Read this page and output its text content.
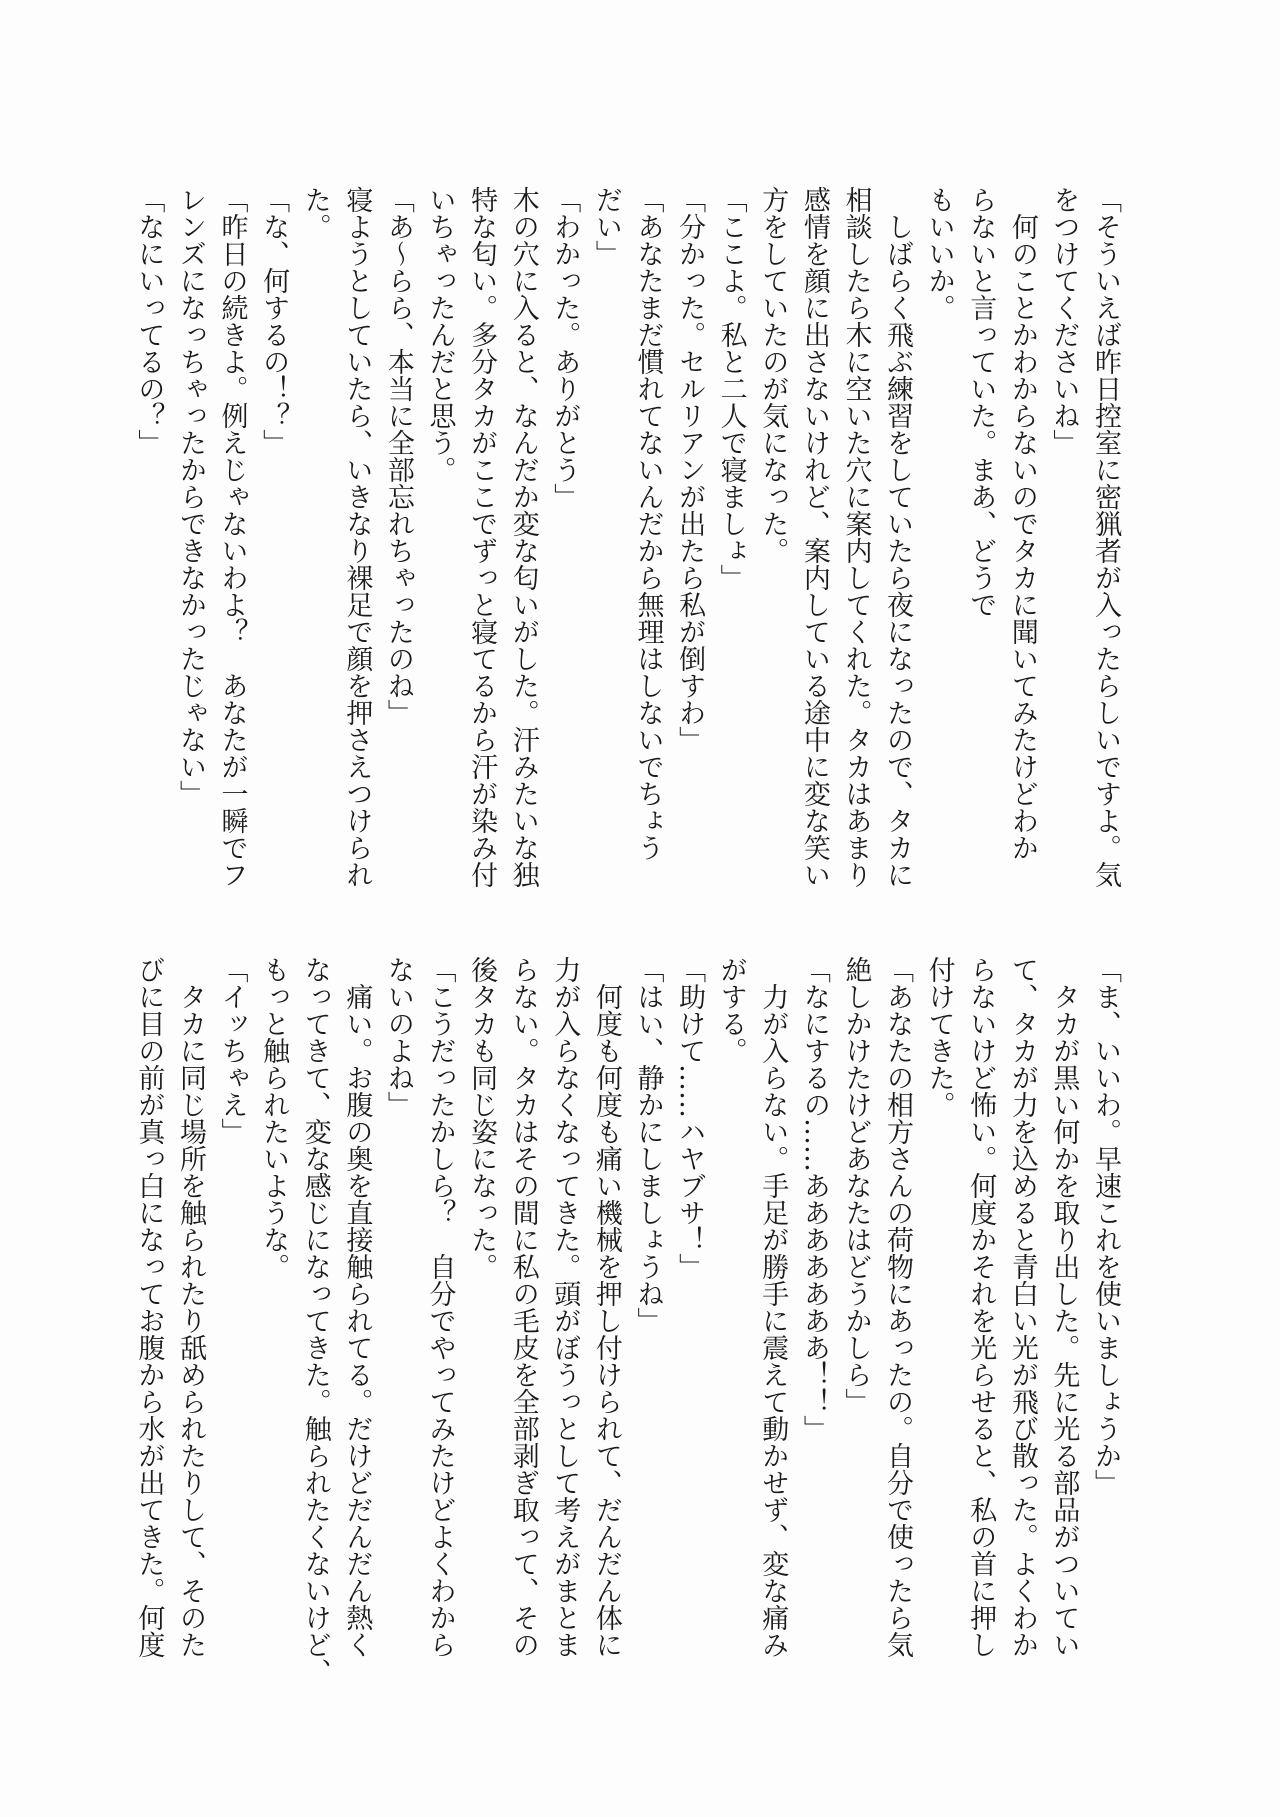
「そういえば昨日控室に密猟者が入ったらしいですよ。気
をつけてくださいね」
　何のことかわからないのでタカに聞いてみたけどわか
らないと言っていた。まあ、どうで
もいいか。
　しばらく飛ぶ練習をしていたら夜になったので、タカに
相談したら木に空いた穴に案内してくれた。タカはあまり
感情を顔に出さないけれど、案内している途中に変な笑い
方をしていたのが気になった。
「ここよ。私と二人で寝ましょ」
「分かった。セルリアンが出たら私が倒すわ」
「あなたまだ慣れてないんだから無理はしないでちょう
だい」
「わかった。ありがとう」
木の穴に入ると、なんだか変な匂いがした。汗みたいな独
特な匂い。多分タカがここでずっと寝てるから汗が染み付
いちゃったんだと思う。
「あ〜らら、本当に全部忘れちゃったのね」
寝ようとしていたら、いきなり裸足で顔を押さえつけられ
た。
「な、何するの！？」
「昨日の続きよ。例えじゃないわよ？　あなたが一瞬でフ
レンズになっちゃったからできなかったじゃない」
「なにいってるの？」
「ま、いいわ。早速これを使いましょうか」
　タカが黒い何かを取り出した。先に光る部品がついてい
て、タカが力を込めると青白い光が飛び散った。よくわか
らないけど怖い。何度かそれを光らせると、私の首に押し
付けてきた。
「あなたの相方さんの荷物にあったの。自分で使ったら気
絶しかけたけどあなたはどうかしら」
「なにするの……あああああああ！！」
　力が入らない。手足が勝手に震えて動かせず、変な痛み
がする。
「助けて……ハヤブサ！」
「はい、静かにしましょうね」
　何度も何度も痛い機械を押し付けられて、だんだん体に
力が入らなくなってきた。頭がぼうっとして考えがまとま
らない。タカはその間に私の毛皮を全部剥ぎ取って、その
後タカも同じ姿になった。
「こうだったかしら？　自分でやってみたけどよくわから
ないのよね」
　痛い。お腹の奥を直接触られてる。だけどだんだん熱く
なってきて、変な感じになってきた。触られたくないけど、
もっと触られたいような。
「イッちゃえ」
　タカに同じ場所を触られたり舐められたりして、そのた
びに目の前が真っ白になってお腹から水が出てきた。何度
